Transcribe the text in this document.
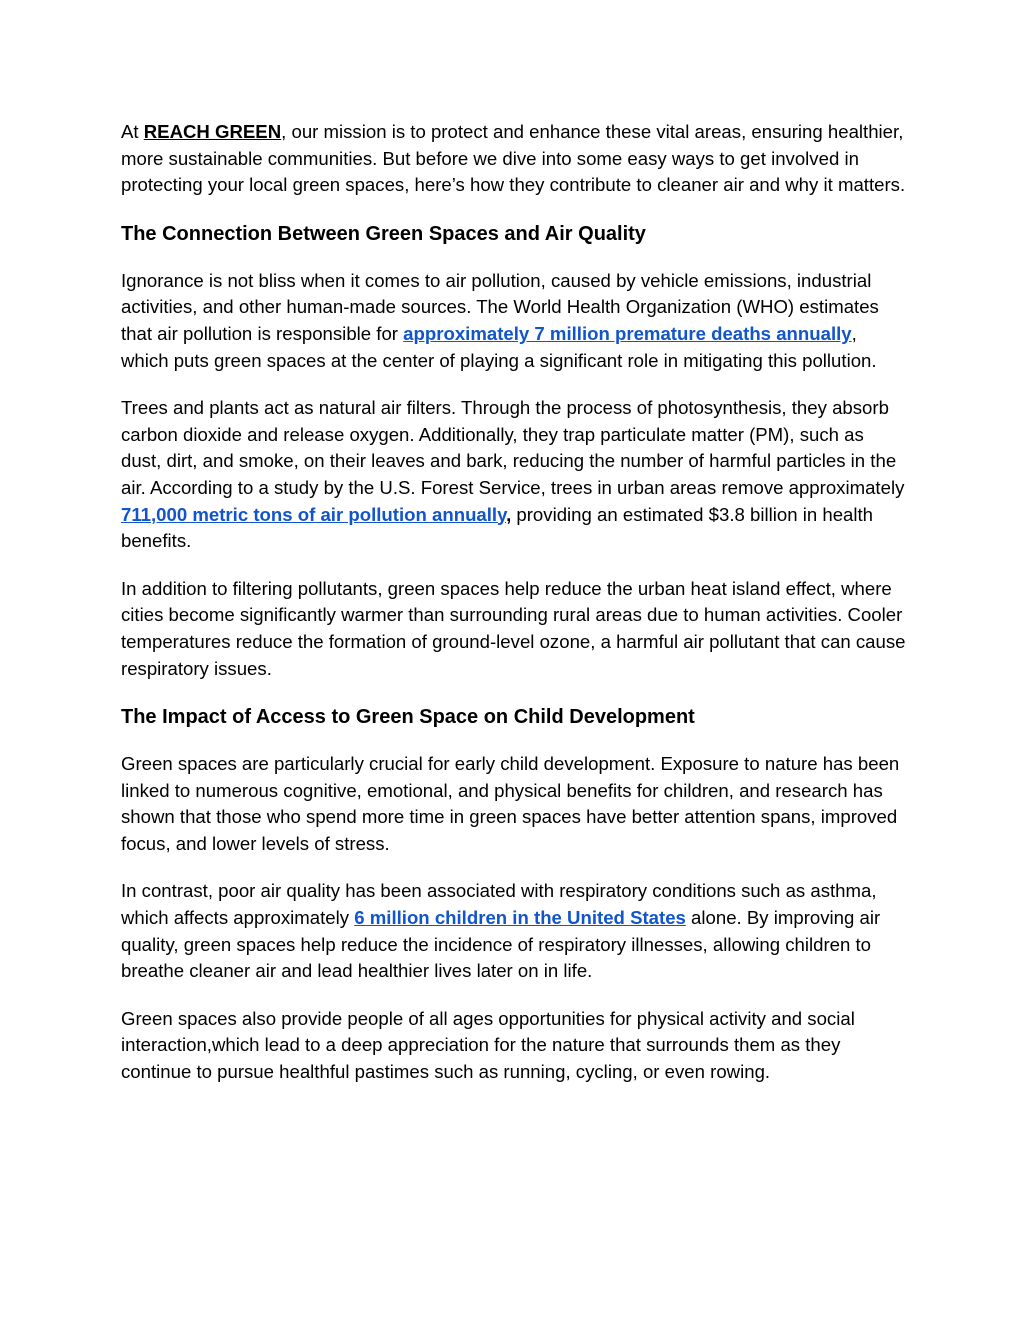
At REACH GREEN, our mission is to protect and enhance these vital areas, ensuring healthier, more sustainable communities. But before we dive into some easy ways to get involved in protecting your local green spaces, here’s how they contribute to cleaner air and why it matters.

The Connection Between Green Spaces and Air Quality

Ignorance is not bliss when it comes to air pollution, caused by vehicle emissions, industrial activities, and other human-made sources. The World Health Organization (WHO) estimates that air pollution is responsible for approximately 7 million premature deaths annually, which puts green spaces at the center of playing a significant role in mitigating this pollution.

Trees and plants act as natural air filters. Through the process of photosynthesis, they absorb carbon dioxide and release oxygen. Additionally, they trap particulate matter (PM), such as dust, dirt, and smoke, on their leaves and bark, reducing the number of harmful particles in the air. According to a study by the U.S. Forest Service, trees in urban areas remove approximately 711,000 metric tons of air pollution annually, providing an estimated $3.8 billion in health benefits.

In addition to filtering pollutants, green spaces help reduce the urban heat island effect, where cities become significantly warmer than surrounding rural areas due to human activities. Cooler temperatures reduce the formation of ground-level ozone, a harmful air pollutant that can cause respiratory issues.

The Impact of Access to Green Space on Child Development

Green spaces are particularly crucial for early child development. Exposure to nature has been linked to numerous cognitive, emotional, and physical benefits for children, and research has shown that those who spend more time in green spaces have better attention spans, improved focus, and lower levels of stress.

In contrast, poor air quality has been associated with respiratory conditions such as asthma, which affects approximately 6 million children in the United States alone. By improving air quality, green spaces help reduce the incidence of respiratory illnesses, allowing children to breathe cleaner air and lead healthier lives later on in life.

Green spaces also provide people of all ages opportunities for physical activity and social interaction,which lead to a deep appreciation for the nature that surrounds them as they continue to pursue healthful pastimes such as running, cycling, or even rowing.
